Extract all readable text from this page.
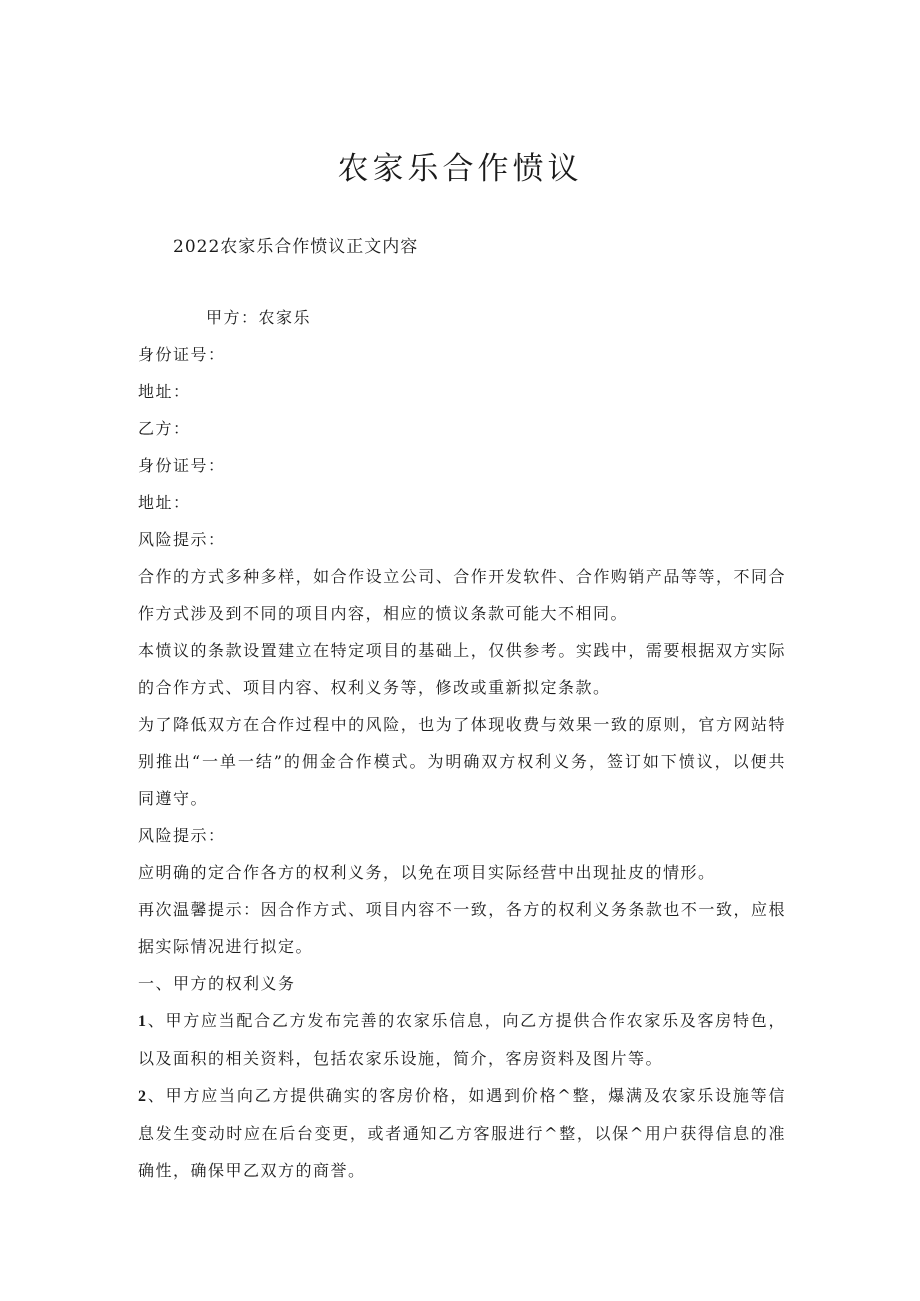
农家乐合作愤议

2022农家乐合作愤议正文内容

甲方：农家乐

身份证号：

地址：

乙方：

身份证号：

地址：

风险提示：

合作的方式多种多样，如合作设立公司、合作开发软件、合作购销产品等等，不同合作方式涉及到不同的项目内容，相应的愤议条款可能大不相同。

本愤议的条款设置建立在特定项目的基础上，仅供参考。实践中，需要根据双方实际的合作方式、项目内容、权利义务等，修改或重新拟定条款。

为了降低双方在合作过程中的风险，也为了体现收费与效果一致的原则，官方网站特别推出“一单一结”的佣金合作模式。为明确双方权利义务，签订如下愤议，以便共同遵守。

风险提示：

应明确的定合作各方的权利义务，以免在项目实际经营中出现扯皮的情形。

再次温馨提示：因合作方式、项目内容不一致，各方的权利义务条款也不一致，应根据实际情况进行拟定。

一、甲方的权利义务

1、甲方应当配合乙方发布完善的农家乐信息，向乙方提供合作农家乐及客房特色，以及面积的相关资料，包括农家乐设施，简介，客房资料及图片等。

2、甲方应当向乙方提供确实的客房价格，如遇到价格^整，爆满及农家乐设施等信息发生变动时应在后台变更，或者通知乙方客服进行^整，以保^用户获得信息的准确性，确保甲乙双方的商誉。
